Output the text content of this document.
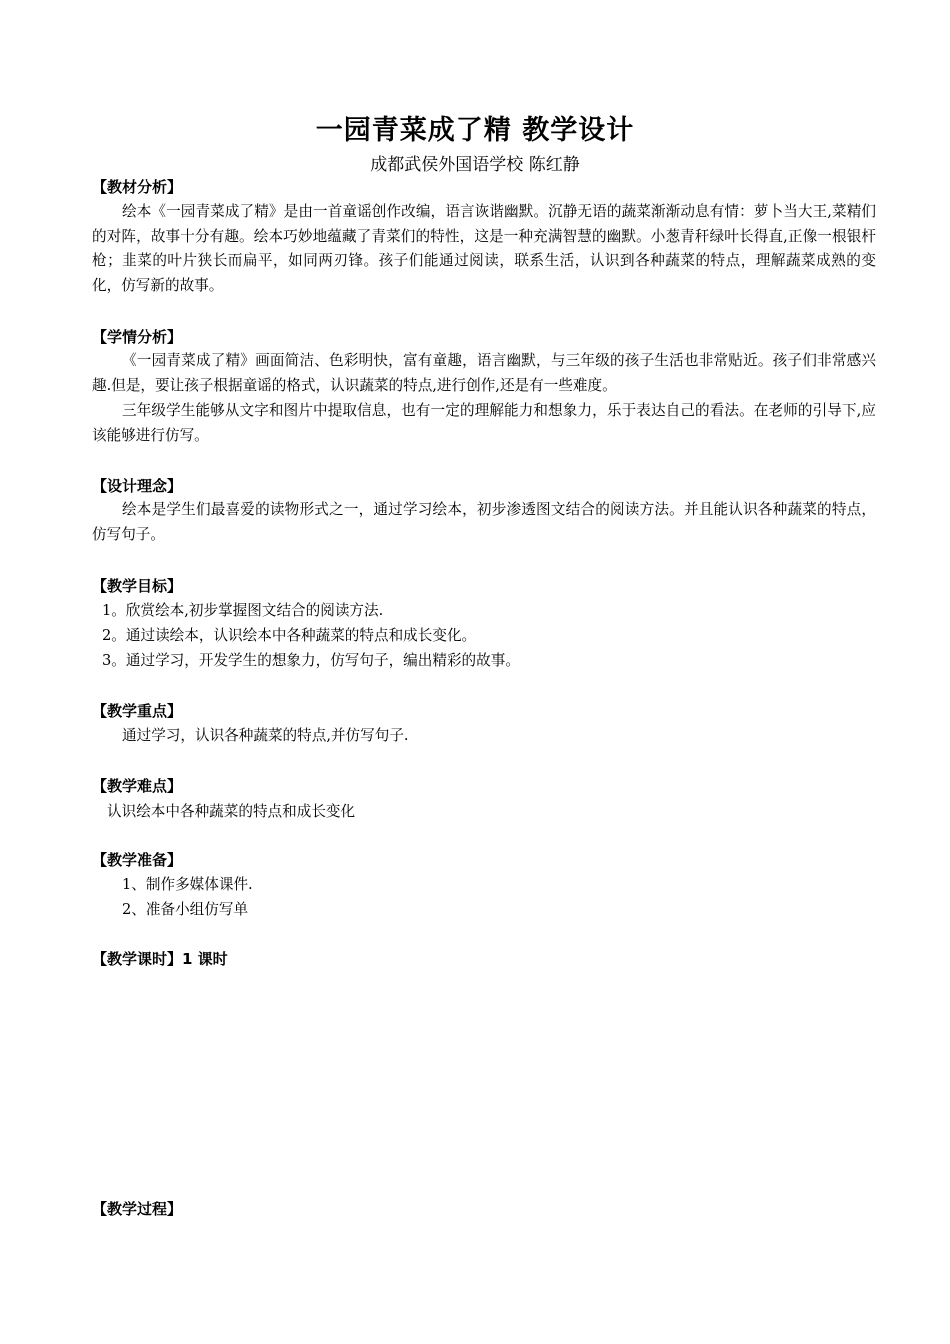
一园青菜成了精 教学设计
成都武侯外国语学校 陈红静
【教材分析】
绘本《一园青菜成了精》是由一首童谣创作改编，语言诙谐幽默。沉静无语的蔬菜渐渐动息有情：萝卜当大王,菜精们的对阵，故事十分有趣。绘本巧妙地蕴藏了青菜们的特性，这是一种充满智慧的幽默。小葱青秆绿叶长得直,正像一根银杆枪；韭菜的叶片狭长而扁平，如同两刃锋。孩子们能通过阅读，联系生活，认识到各种蔬菜的特点，理解蔬菜成熟的变化，仿写新的故事。
【学情分析】
《一园青菜成了精》画面简洁、色彩明快，富有童趣，语言幽默，与三年级的孩子生活也非常贴近。孩子们非常感兴趣.但是，要让孩子根据童谣的格式，认识蔬菜的特点,进行创作,还是有一些难度。
三年级学生能够从文字和图片中提取信息，也有一定的理解能力和想象力，乐于表达自己的看法。在老师的引导下,应该能够进行仿写。
【设计理念】
绘本是学生们最喜爱的读物形式之一，通过学习绘本，初步渗透图文结合的阅读方法。并且能认识各种蔬菜的特点，仿写句子。
【教学目标】
1。欣赏绘本,初步掌握图文结合的阅读方法.
2。通过读绘本，认识绘本中各种蔬菜的特点和成长变化。
3。通过学习，开发学生的想象力，仿写句子，编出精彩的故事。
【教学重点】
通过学习，认识各种蔬菜的特点,并仿写句子.
【教学难点】
认识绘本中各种蔬菜的特点和成长变化
【教学准备】
1、制作多媒体课件.
2、准备小组仿写单
【教学课时】1 课时
【教学过程】
